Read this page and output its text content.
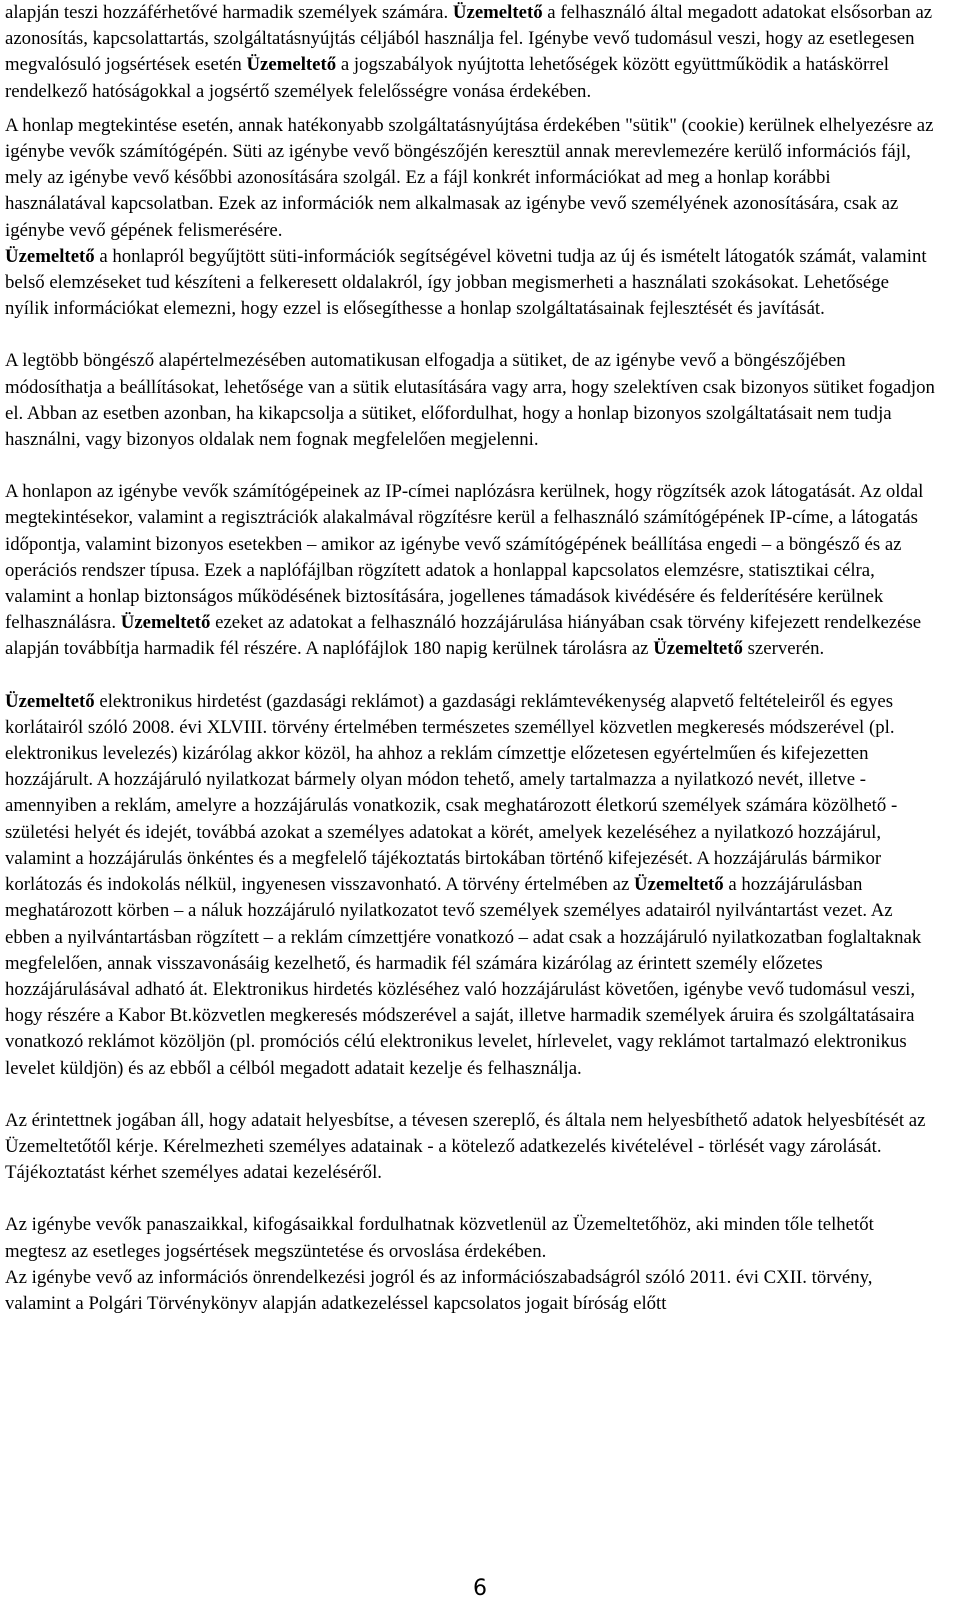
alapján teszi hozzáférhetővé harmadik személyek számára. Üzemeltető a felhasználó által megadott adatokat elsősorban az azonosítás, kapcsolattartás, szolgáltatásnyújtás céljából használja fel. Igénybe vevő tudomásul veszi, hogy az esetlegesen megvalósuló jogsértések esetén Üzemeltető a jogszabályok nyújtotta lehetőségek között együttműködik a hatáskörrel rendelkező hatóságokkal a jogsértő személyek felelősségre vonása érdekében.

A honlap megtekintése esetén, annak hatékonyabb szolgáltatásnyújtása érdekében "sütik" (cookie) kerülnek elhelyezésre az igénybe vevők számítógépén. Süti az igénybe vevő böngészőjén keresztül annak merevlemezére kerülő információs fájl, mely az igénybe vevő későbbi azonosítására szolgál. Ez a fájl konkrét információkat ad meg a honlap korábbi használatával kapcsolatban. Ezek az információk nem alkalmasak az igénybe vevő személyének azonosítására, csak az igénybe vevő gépének felismerésére.

Üzemeltető a honlapról begyűjtött süti-információk segítségével követni tudja az új és ismételt látogatók számát, valamint belső elemzéseket tud készíteni a felkeresett oldalakról, így jobban megismerheti a használati szokásokat. Lehetősége nyílik információkat elemezni, hogy ezzel is elősegíthesse a honlap szolgáltatásainak fejlesztését és javítását.

A legtöbb böngésző alapértelmezésében automatikusan elfogadja a sütiket, de az igénybe vevő a böngészőjében módosíthatja a beállításokat, lehetősége van a sütik elutasítására vagy arra, hogy szelektíven csak bizonyos sütiket fogadjon el. Abban az esetben azonban, ha kikapcsolja a sütiket, előfordulhat, hogy a honlap bizonyos szolgáltatásait nem tudja használni, vagy bizonyos oldalak nem fognak megfelelően megjelenni.

A honlapon az igénybe vevők számítógépeinek az IP-címei naplózásra kerülnek, hogy rögzítsék azok látogatását. Az oldal megtekintésekor, valamint a regisztrációk alakalmával rögzítésre kerül a felhasználó számítógépének IP-címe, a látogatás időpontja, valamint bizonyos esetekben – amikor az igénybe vevő számítógépének beállítása engedi – a böngésző és az operációs rendszer típusa. Ezek a naplófájlban rögzített adatok a honlappal kapcsolatos elemzésre, statisztikai célra, valamint a honlap biztonságos működésének biztosítására, jogellenes támadások kivédésére és felderítésére kerülnek felhasználásra. Üzemeltető ezeket az adatokat a felhasználó hozzájárulása hiányában csak törvény kifejezett rendelkezése alapján továbbítja harmadik fél részére. A naplófájlok 180 napig kerülnek tárolásra az Üzemeltető szerverén.

Üzemeltető elektronikus hirdetést (gazdasági reklámot) a gazdasági reklámtevékenység alapvető feltételeiről és egyes korlátairól szóló 2008. évi XLVIII. törvény értelmében természetes személlyel közvetlen megkeresés módszerével (pl. elektronikus levelezés) kizárólag akkor közöl, ha ahhoz a reklám címzettje előzetesen egyértelműen és kifejezetten hozzájárult. A hozzájáruló nyilatkozat bármely olyan módon tehető, amely tartalmazza a nyilatkozó nevét, illetve - amennyiben a reklám, amelyre a hozzájárulás vonatkozik, csak meghatározott életkorú személyek számára közölhető - születési helyét és idejét, továbbá azokat a személyes adatokat a körét, amelyek kezeléséhez a nyilatkozó hozzájárul, valamint a hozzájárulás önkéntes és a megfelelő tájékoztatás birtokában történő kifejezését. A hozzájárulás bármikor korlátozás és indokolás nélkül, ingyenesen visszavonható. A törvény értelmében az Üzemeltető a hozzájárulásban meghatározott körben – a náluk hozzájáruló nyilatkozatot tevő személyek személyes adatairól nyilvántartást vezet. Az ebben a nyilvántartásban rögzített – a reklám címzettjére vonatkozó – adat csak a hozzájáruló nyilatkozatban foglaltaknak megfelelően, annak visszavonásáig kezelhető, és harmadik fél számára kizárólag az érintett személy előzetes hozzájárulásával adható át. Elektronikus hirdetés közléséhez való hozzájárulást követően, igénybe vevő tudomásul veszi, hogy részére a Kabor Bt.közvetlen megkeresés módszerével a saját, illetve harmadik személyek áruira és szolgáltatásaira vonatkozó reklámot közöljön (pl. promóciós célú elektronikus levelet, hírlevelet, vagy reklámot tartalmazó elektronikus levelet küldjön) és az ebből a célból megadott adatait kezelje és felhasználja.

Az érintettnek jogában áll, hogy adatait helyesbítse, a tévesen szereplő, és általa nem helyesbíthető adatok helyesbítését az Üzemeltetőtől kérje. Kérelmezheti személyes adatainak - a kötelező adatkezelés kivételével - törlését vagy zárolását. Tájékoztatást kérhet személyes adatai kezeléséről.

Az igénybe vevők panaszaikkal, kifogásaikkal fordulhatnak közvetlenül az Üzemeltetőhöz, aki minden tőle telhetőt megtesz az esetleges jogsértések megszüntetése és orvoslása érdekében.

Az igénybe vevő az információs önrendelkezési jogról és az információszabadságról szóló 2011. évi CXII. törvény, valamint a Polgári Törvénykönyv alapján adatkezeléssel kapcsolatos jogait bíróság előtt

6
